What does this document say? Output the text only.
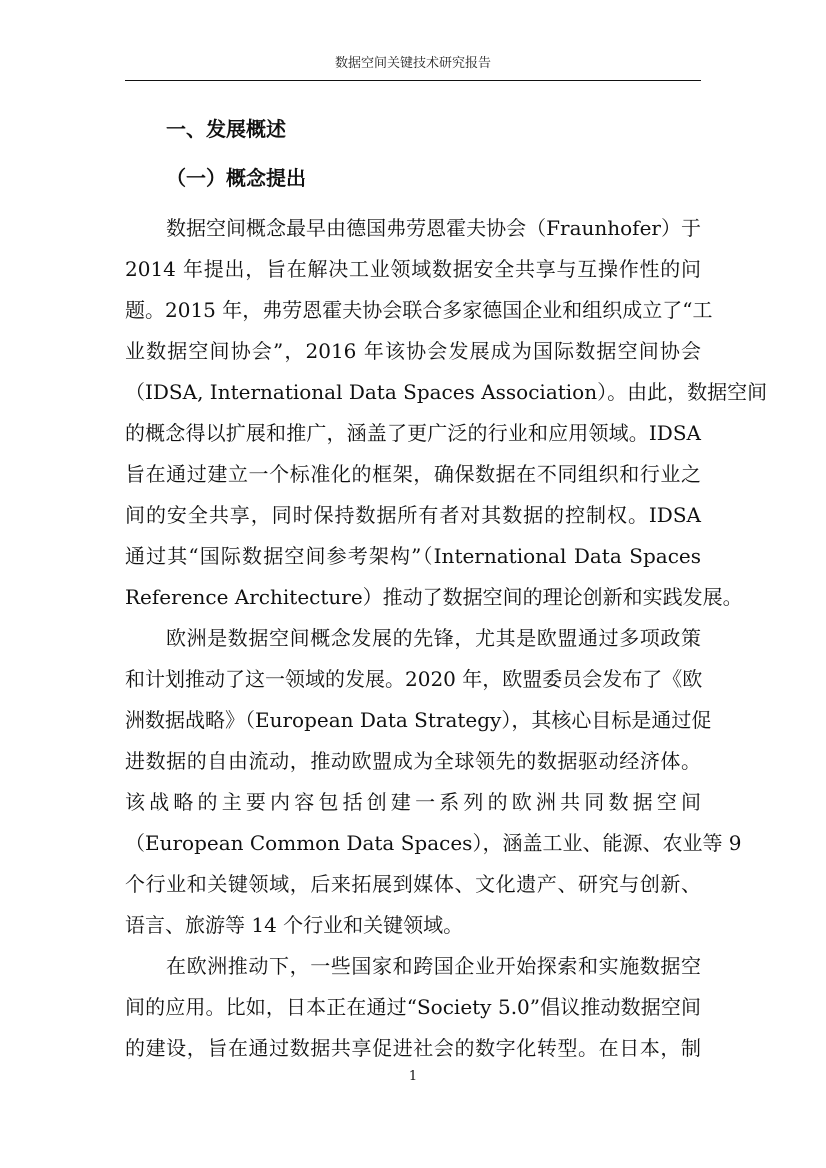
数据空间关键技术研究报告
一、发展概述
（一）概念提出
数据空间概念最早由德国弗劳恩霍夫协会（Fraunhofer）于
2014 年提出，旨在解决工业领域数据安全共享与互操作性的问
题。2015 年，弗劳恩霍夫协会联合多家德国企业和组织成立了“工
业数据空间协会”，2016 年该协会发展成为国际数据空间协会
（IDSA, International Data Spaces Association）。由此，数据空间
的概念得以扩展和推广，涵盖了更广泛的行业和应用领域。IDSA
旨在通过建立一个标准化的框架，确保数据在不同组织和行业之
间的安全共享，同时保持数据所有者对其数据的控制权。IDSA
通过其“国际数据空间参考架构”（International Data Spaces
Reference Architecture）推动了数据空间的理论创新和实践发展。
欧洲是数据空间概念发展的先锋，尤其是欧盟通过多项政策
和计划推动了这一领域的发展。2020 年，欧盟委员会发布了《欧
洲数据战略》（European Data Strategy），其核心目标是通过促
进数据的自由流动，推动欧盟成为全球领先的数据驱动经济体。
该战略的主要内容包括创建一系列的欧洲共同数据空间
（European Common Data Spaces），涵盖工业、能源、农业等 9
个行业和关键领域，后来拓展到媒体、文化遗产、研究与创新、
语言、旅游等 14 个行业和关键领域。
在欧洲推动下，一些国家和跨国企业开始探索和实施数据空
间的应用。比如，日本正在通过“Society 5.0”倡议推动数据空间
的建设，旨在通过数据共享促进社会的数字化转型。在日本，制
1
